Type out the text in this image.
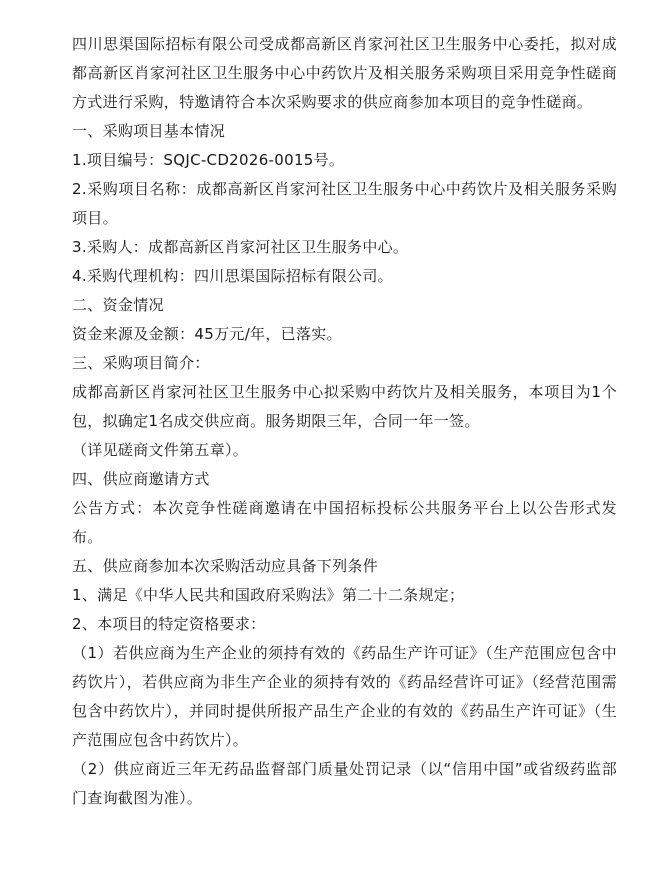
四川思渠国际招标有限公司受成都高新区肖家河社区卫生服务中心委托，拟对成都高新区肖家河社区卫生服务中心中药饮片及相关服务采购项目采用竞争性磋商方式进行采购，特邀请符合本次采购要求的供应商参加本项目的竞争性磋商。

一、采购项目基本情况

1.项目编号：SQJC-CD2026-0015号。

2.采购项目名称：成都高新区肖家河社区卫生服务中心中药饮片及相关服务采购项目。

3.采购人：成都高新区肖家河社区卫生服务中心。

4.采购代理机构：四川思渠国际招标有限公司。

二、资金情况

资金来源及金额：45万元/年，已落实。

三、采购项目简介：

成都高新区肖家河社区卫生服务中心拟采购中药饮片及相关服务，本项目为1个包，拟确定1名成交供应商。服务期限三年，合同一年一签。

（详见磋商文件第五章）。

四、供应商邀请方式

公告方式：本次竞争性磋商邀请在中国招标投标公共服务平台上以公告形式发布。

五、供应商参加本次采购活动应具备下列条件

1、满足《中华人民共和国政府采购法》第二十二条规定；

2、本项目的特定资格要求：

（1）若供应商为生产企业的须持有效的《药品生产许可证》（生产范围应包含中药饮片），若供应商为非生产企业的须持有效的《药品经营许可证》（经营范围需包含中药饮片），并同时提供所报产品生产企业的有效的《药品生产许可证》（生产范围应包含中药饮片）。

（2）供应商近三年无药品监督部门质量处罚记录（以“信用中国”或省级药监部门查询截图为准）。
